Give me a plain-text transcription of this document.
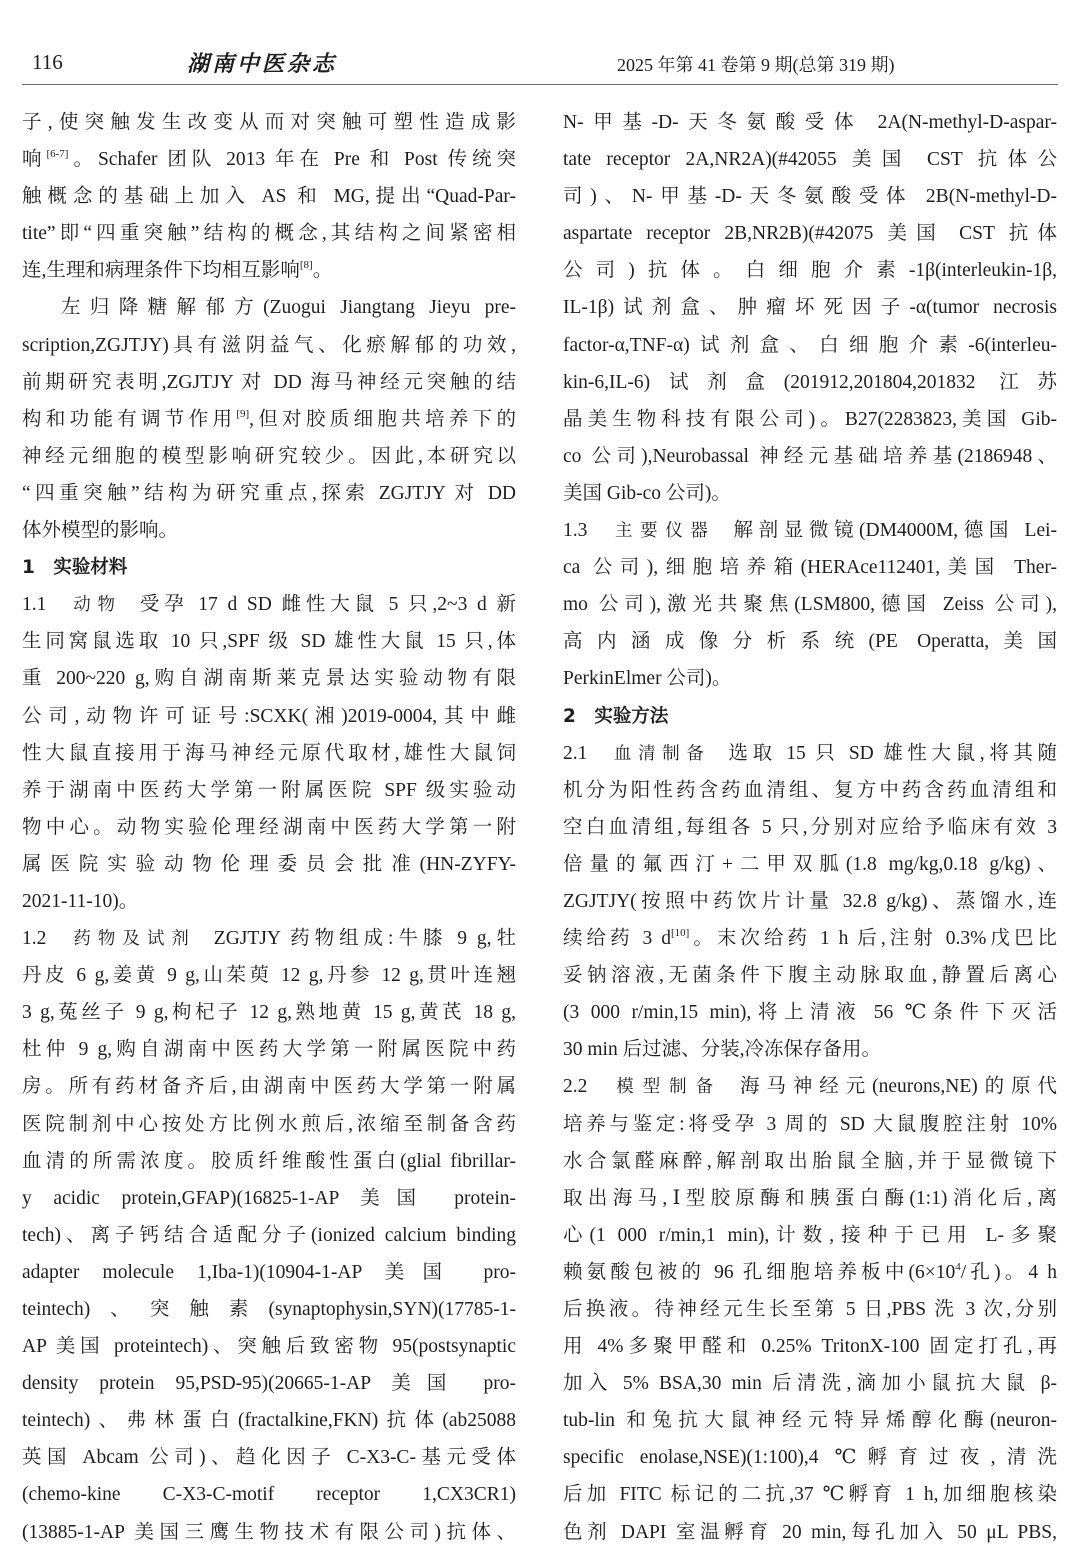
116	湖南中医杂志	2025 年第 41 卷第 9 期(总第 319 期)
子,使突触发生改变从而对突触可塑性造成影
响[6-7]。Schafer 团队 2013 年在 Pre 和 Post 传统突
触概念的基础上加入 AS 和 MG,提出“Quad-Par-
tite”即“四重突触”结构的概念,其结构之间紧密相
连,生理和病理条件下均相互影响[8]。
左归降糖解郁方(Zuogui Jiangtang Jieyu pre-
scription,ZGJTJY)具有滋阴益气、化瘀解郁的功效,
前期研究表明,ZGJTJY 对 DD 海马神经元突触的结
构和功能有调节作用[9],但对胶质细胞共培养下的
神经元细胞的模型影响研究较少。因此,本研究以
“四重突触”结构为研究重点,探索 ZGJTJY 对 DD
体外模型的影响。
1　实验材料
1.1 动物 受孕 17 d SD 雌性大鼠 5 只,2~3 d 新
生同窝鼠选取 10 只,SPF 级 SD 雄性大鼠 15 只,体
重 200~220 g,购自湖南斯莱克景达实验动物有限
公司,动物许可证号:SCXK(湘)2019-0004,其中雌
性大鼠直接用于海马神经元原代取材,雄性大鼠饲
养于湖南中医药大学第一附属医院 SPF 级实验动
物中心。动物实验伦理经湖南中医药大学第一附
属医院实验动物伦理委员会批准(HN-ZYFY-
2021-11-10)。
1.2 药物及试剂 ZGJTJY 药物组成:牛膝 9 g,牡
丹皮 6 g,姜黄 9 g,山茱萸 12 g,丹参 12 g,贯叶连翘
3 g,菟丝子 9 g,枸杞子 12 g,熟地黄 15 g,黄芪 18 g,
杜仲 9 g,购自湖南中医药大学第一附属医院中药
房。所有药材备齐后,由湖南中医药大学第一附属
医院制剂中心按处方比例水煎后,浓缩至制备含药
血清的所需浓度。胶质纤维酸性蛋白(glial fibrillar-
y acidic protein,GFAP)(16825-1-AP 美国 protein-
tech)、离子钙结合适配分子(ionized calcium binding
adapter molecule 1,Iba-1)(10904-1-AP 美国 pro-
teintech)、突触素(synaptophysin,SYN)(17785-1-
AP 美国 proteintech)、突触后致密物 95(postsynaptic
density protein 95,PSD-95)(20665-1-AP 美国 pro-
teintech)、弗林蛋白(fractalkine,FKN)抗体(ab25088
英国 Abcam 公司)、趋化因子 C-X3-C-基元受体
(chemo-kine C-X3-C-motif receptor 1,CX3CR1)
(13885-1-AP 美国三鹰生物技术有限公司)抗体、
N-甲基-D-天冬氨酸受体 2A(N-methyl-D-aspar-
tate receptor 2A,NR2A)(#42055 美国 CST 抗体公
司)、N-甲基-D-天冬氨酸受体 2B(N-methyl-D-
aspartate receptor 2B,NR2B)(#42075 美国 CST 抗体
公司)抗体。白细胞介素-1β(interleukin-1β,
IL-1β)试剂盒、肿瘤坏死因子-α(tumor necrosis
factor-α,TNF-α)试剂盒、白细胞介素-6(interleu-
kin-6,IL-6)试剂盒(201912,201804,201832 江苏
晶美生物科技有限公司)。B27(2283823,美国 Gib-
co 公司),Neurobassal 神经元基础培养基(2186948、
美国 Gib-co 公司)。
1.3 主要仪器 解剖显微镜(DM4000M,德国 Lei-
ca 公司),细胞培养箱(HERAce112401,美国 Ther-
mo 公司),激光共聚焦(LSM800,德国 Zeiss 公司),
高内涵成像分析系统(PE Operatta,美国
PerkinElmer 公司)。
2　实验方法
2.1 血清制备 选取 15 只 SD 雄性大鼠,将其随
机分为阳性药含药血清组、复方中药含药血清组和
空白血清组,每组各 5 只,分别对应给予临床有效 3
倍量的氟西汀+二甲双胍(1.8 mg/kg,0.18 g/kg)、
ZGJTJY(按照中药饮片计量 32.8 g/kg)、蒸馏水,连
续给药 3 d[10]。末次给药 1 h 后,注射 0.3%戊巴比
妥钠溶液,无菌条件下腹主动脉取血,静置后离心
(3 000 r/min,15 min),将上清液 56 ℃条件下灭活
30 min 后过滤、分装,冷冻保存备用。
2.2 模型制备 海马神经元(neurons,NE)的原代
培养与鉴定:将受孕 3 周的 SD 大鼠腹腔注射 10%
水合氯醛麻醉,解剖取出胎鼠全脑,并于显微镜下
取出海马,Ⅰ型胶原酶和胰蛋白酶(1:1)消化后,离
心(1 000 r/min,1 min),计数,接种于已用 L-多聚
赖氨酸包被的 96 孔细胞培养板中($6\times 10^4/$孔)。4 h
后换液。待神经元生长至第 5 日,PBS 洗 3 次,分别
用 4%多聚甲醛和 0.25% TritonX-100 固定打孔,再
加入 5% BSA,30 min 后清洗,滴加小鼠抗大鼠 β-
tub-lin 和兔抗大鼠神经元特异烯醇化酶(neuron-
specific enolase,NSE)(1:100),4 ℃孵育过夜,清洗
后加 FITC 标记的二抗,37 ℃孵育 1 h,加细胞核染
色剂 DAPI 室温孵育 20 min,每孔加入 50 μL PBS,
